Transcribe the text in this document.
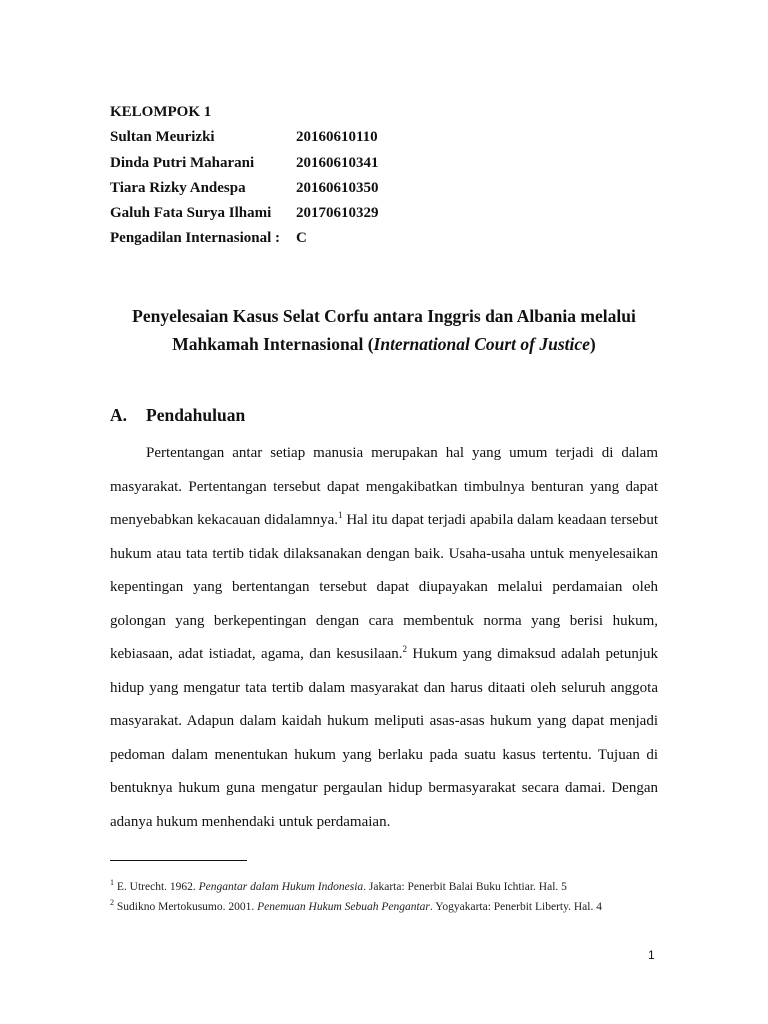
KELOMPOK 1
Sultan Meurizki	20160610110
Dinda Putri Maharani	20160610341
Tiara Rizky Andespa	20160610350
Galuh Fata Surya Ilhami	20170610329
Pengadilan Internasional :	C
Penyelesaian Kasus Selat Corfu antara Inggris dan Albania melalui
Mahkamah Internasional (International Court of Justice)
A.	Pendahuluan

Pertentangan antar setiap manusia merupakan hal yang umum terjadi di dalam masyarakat. Pertentangan tersebut dapat mengakibatkan timbulnya benturan yang dapat menyebabkan kekacauan didalamnya.$^1$ Hal itu dapat terjadi apabila dalam keadaan tersebut hukum atau tata tertib tidak dilaksanakan dengan baik. Usaha-usaha untuk menyelesaikan kepentingan yang bertentangan tersebut dapat diupayakan melalui perdamaian oleh golongan yang berkepentingan dengan cara membentuk norma yang berisi hukum, kebiasaan, adat istiadat, agama, dan kesusilaan.$^2$ Hukum yang dimaksud adalah petunjuk hidup yang mengatur tata tertib dalam masyarakat dan harus ditaati oleh seluruh anggota masyarakat. Adapun dalam kaidah hukum meliputi asas-asas hukum yang dapat menjadi pedoman dalam menentukan hukum yang berlaku pada suatu kasus tertentu. Tujuan di bentuknya hukum guna mengatur pergaulan hidup bermasyarakat secara damai. Dengan adanya hukum menhendaki untuk perdamaian.

$^1$ E. Utrecht. 1962. Pengantar dalam Hukum Indonesia. Jakarta: Penerbit Balai Buku Ichtiar. Hal. 5

$^2$ Sudikno Mertokusumo. 2001. Penemuan Hukum Sebuah Pengantar. Yogyakarta: Penerbit Liberty. Hal. 4

1
